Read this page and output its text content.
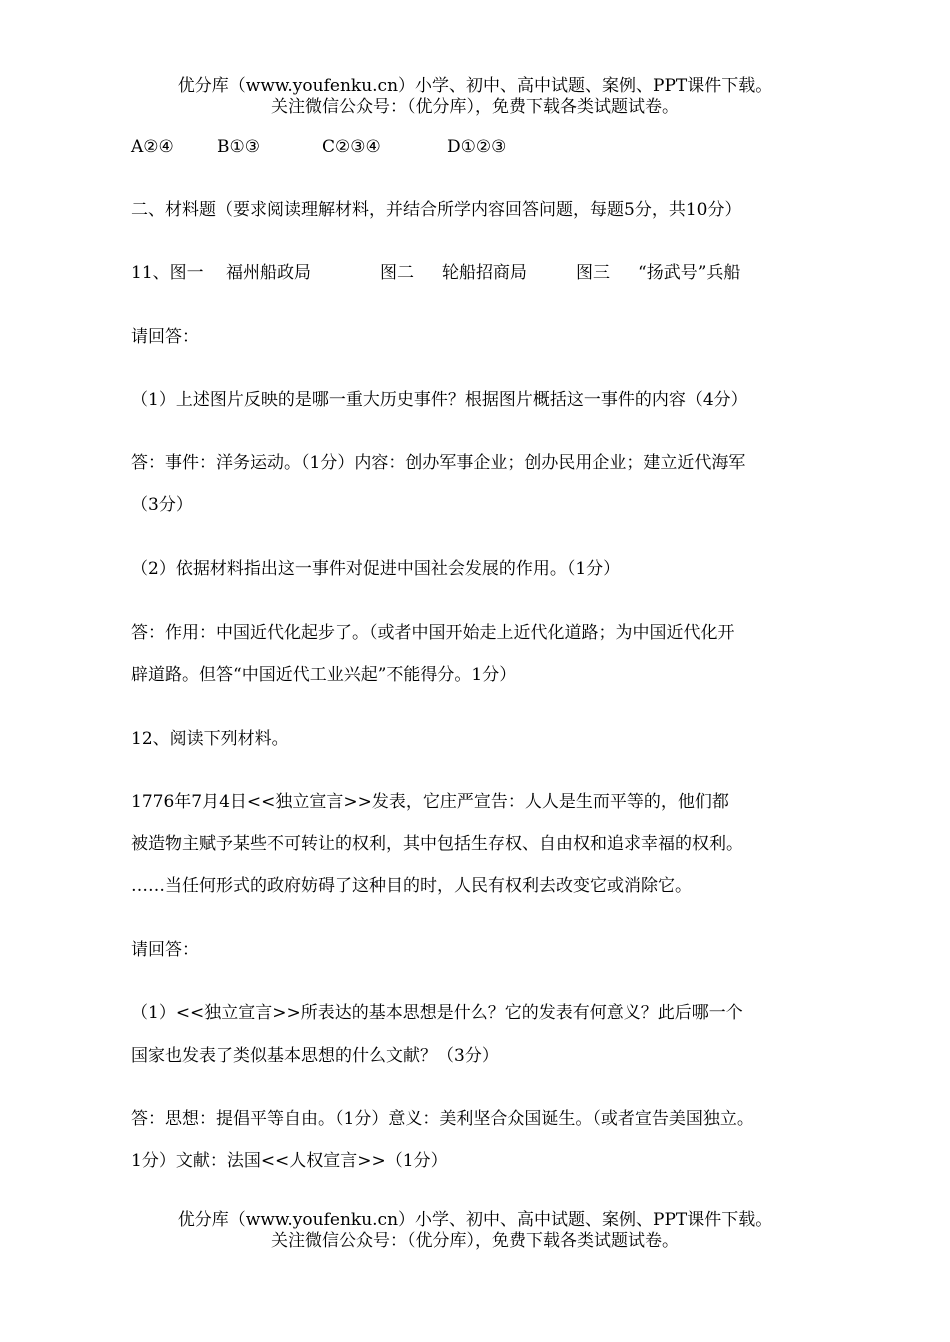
优分库（www.youfenku.cn）小学、初中、高中试题、案例、PPT课件下载。
关注微信公众号：（优分库），免费下载各类试题试卷。
A②④	B①③	C②③④	D①②③
二、材料题（要求阅读理解材料，并结合所学内容回答问题，每题5分，共10分）
11、图一 福州船政局	图二 轮船招商局	图三 “扬武号”兵船
请回答：
（1）上述图片反映的是哪一重大历史事件？根据图片概括这一事件的内容（4分）
答：事件：洋务运动。（1分）内容：创办军事企业；创办民用企业；建立近代海军
（3分）
（2）依据材料指出这一事件对促进中国社会发展的作用。（1分）
答：作用：中国近代化起步了。（或者中国开始走上近代化道路；为中国近代化开
辟道路。但答“中国近代工业兴起”不能得分。1分）
12、阅读下列材料。
1776年7月4日<<独立宣言>>发表，它庄严宣告：人人是生而平等的，他们都
被造物主赋予某些不可转让的权利，其中包括生存权、自由权和追求幸福的权利。
……当任何形式的政府妨碍了这种目的时，人民有权利去改变它或消除它。
请回答：
（1）<<独立宣言>>所表达的基本思想是什么？它的发表有何意义？此后哪一个
国家也发表了类似基本思想的什么文献？（3分）
答：思想：提倡平等自由。（1分）意义：美利坚合众国诞生。（或者宣告美国独立。
1分）文献：法国<<人权宣言>>（1分）
优分库（www.youfenku.cn）小学、初中、高中试题、案例、PPT课件下载。
关注微信公众号：（优分库），免费下载各类试题试卷。
